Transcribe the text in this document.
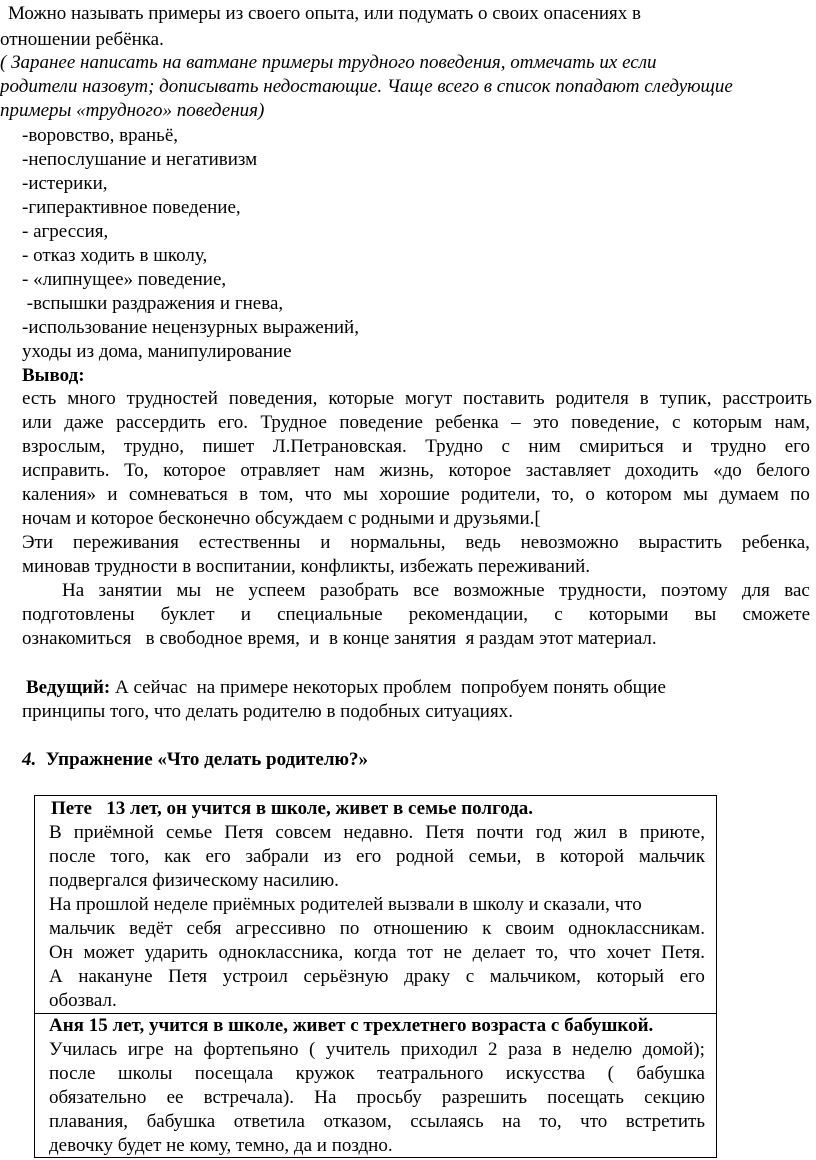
Можно называть примеры из своего опыта, или подумать о своих опасениях в
отношении ребёнка.
( Заранее написать на ватмане примеры трудного поведения, отмечать их если
родители назовут; дописывать недостающие. Чаще всего в список попадают следующие
примеры «трудного» поведения)
-воровство, враньё,
-непослушание и негативизм
-истерики,
-гиперактивное поведение,
- агрессия,
- отказ ходить в школу,
- «липнущее» поведение,
-вспышки раздражения и гнева,
-использование нецензурных выражений,
уходы из дома, манипулирование
Вывод:
Пете   13 лет, он учится в школе, живет в семье полгода.
В приёмной семье Петя совсем недавно. Петя почти год жил в приюте,
после того, как его забрали из его родной семьи, в которой мальчик
подвергался физическому насилию.
На прошлой неделе приёмных родителей вызвали в школу и сказали, что
мальчик ведёт себя агрессивно по отношению к своим одноклассникам.
Он может ударить одноклассника, когда тот не делает то, что хочет Петя.
А накануне Петя устроил серьёзную драку с мальчиком, который его
обозвал.
Аня 15 лет, учится в школе, живет с трехлетнего возраста с бабушкой.
Училась игре на фортепьяно ( учитель приходил 2 раза в неделю домой);
после школы посещала кружок театрального искусства ( бабушка
обязательно ее встречала). На просьбу разрешить посещать секцию
плавания, бабушка ответила отказом, ссылаясь на то, что встретить
девочку будет не кому, темно, да и поздно.
есть много трудностей поведения, которые могут поставить родителя в тупик, расстроить
или даже рассердить его. Трудное поведение ребенка – это поведение, с которым нам,
взрослым, трудно, пишет Л.Петрановская. Трудно с ним смириться и трудно его
исправить. То, которое отравляет нам жизнь, которое заставляет доходить «до белого
каления» и сомневаться в том, что мы хорошие родители, то, о котором мы думаем по
ночам и которое бесконечно обсуждаем с родными и друзьями.[
Эти переживания естественны и нормальны, ведь невозможно вырастить ребенка,
миновав трудности в воспитании, конфликты, избежать переживаний.
На занятии мы не успеем разобрать все возможные трудности, поэтому для вас
подготовлены буклет и специальные рекомендации, с которыми вы сможете
ознакомиться   в свободное время,  и  в конце занятия  я раздам этот материал.
Ведущий: А сейчас  на примере некоторых проблем  попробуем понять общие
принципы того, что делать родителю в подобных ситуациях.
4.  Упражнение «Что делать родителю?»
